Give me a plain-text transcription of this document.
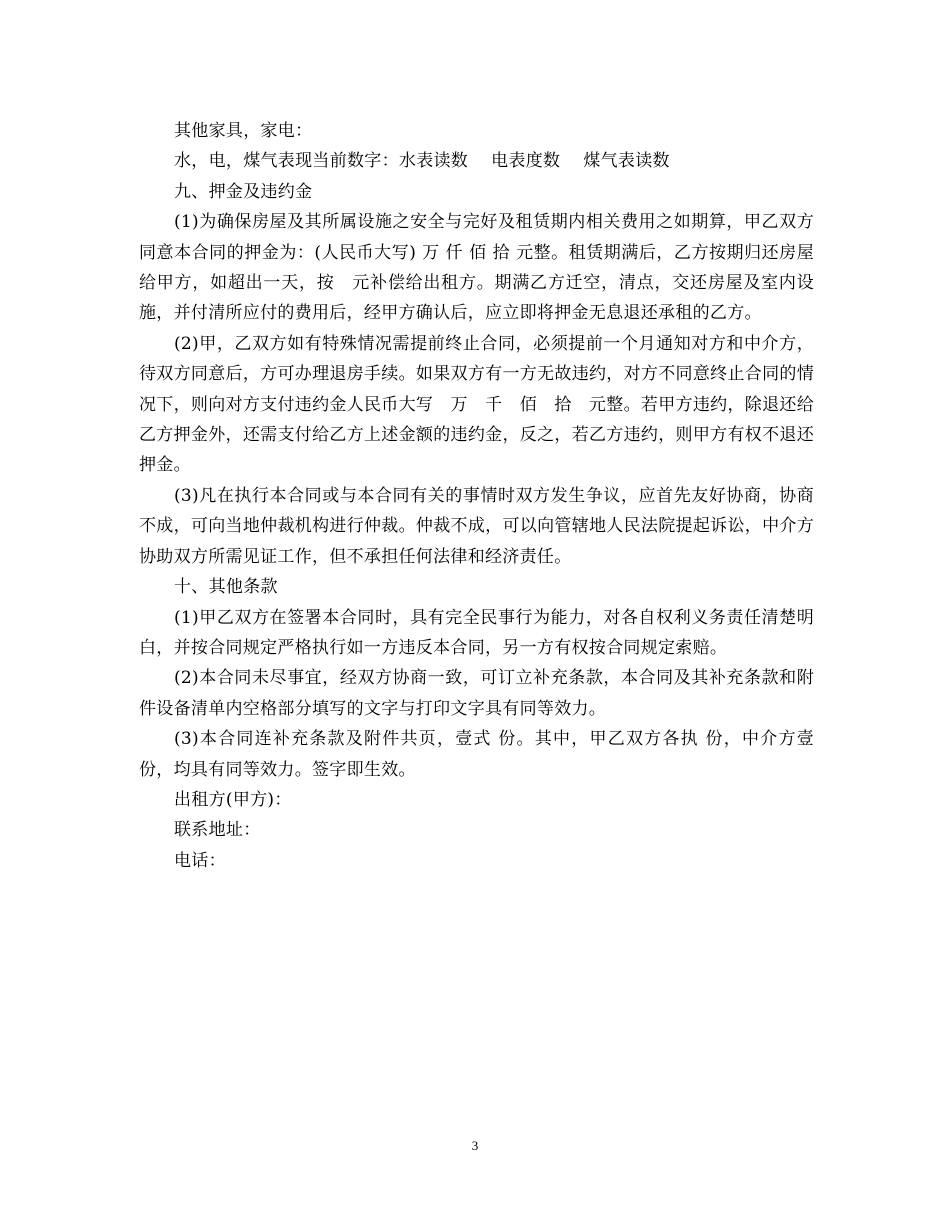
其他家具，家电：

水，电，煤气表现当前数字：水表读数　 电表度数　 煤气表读数

九、押金及违约金

(1)为确保房屋及其所属设施之安全与完好及租赁期内相关费用之如期算，甲乙双方同意本合同的押金为：(人民币大写) 万 仟 佰 拾 元整。租赁期满后，乙方按期归还房屋给甲方，如超出一天，按　元补偿给出租方。期满乙方迁空，清点，交还房屋及室内设施，并付清所应付的费用后，经甲方确认后，应立即将押金无息退还承租的乙方。

(2)甲，乙双方如有特殊情况需提前终止合同，必须提前一个月通知对方和中介方，待双方同意后，方可办理退房手续。如果双方有一方无故违约，对方不同意终止合同的情况下，则向对方支付违约金人民币大写　万　千　佰　拾　元整。若甲方违约，除退还给乙方押金外，还需支付给乙方上述金额的违约金，反之，若乙方违约，则甲方有权不退还押金。

(3)凡在执行本合同或与本合同有关的事情时双方发生争议，应首先友好协商，协商不成，可向当地仲裁机构进行仲裁。仲裁不成，可以向管辖地人民法院提起诉讼，中介方协助双方所需见证工作，但不承担任何法律和经济责任。

十、其他条款

(1)甲乙双方在签署本合同时，具有完全民事行为能力，对各自权利义务责任清楚明白，并按合同规定严格执行如一方违反本合同，另一方有权按合同规定索赔。

(2)本合同未尽事宜，经双方协商一致，可订立补充条款，本合同及其补充条款和附件设备清单内空格部分填写的文字与打印文字具有同等效力。

(3)本合同连补充条款及附件共页，壹式 份。其中，甲乙双方各执 份，中介方壹份，均具有同等效力。签字即生效。

出租方(甲方)：

联系地址：

电话：

3
